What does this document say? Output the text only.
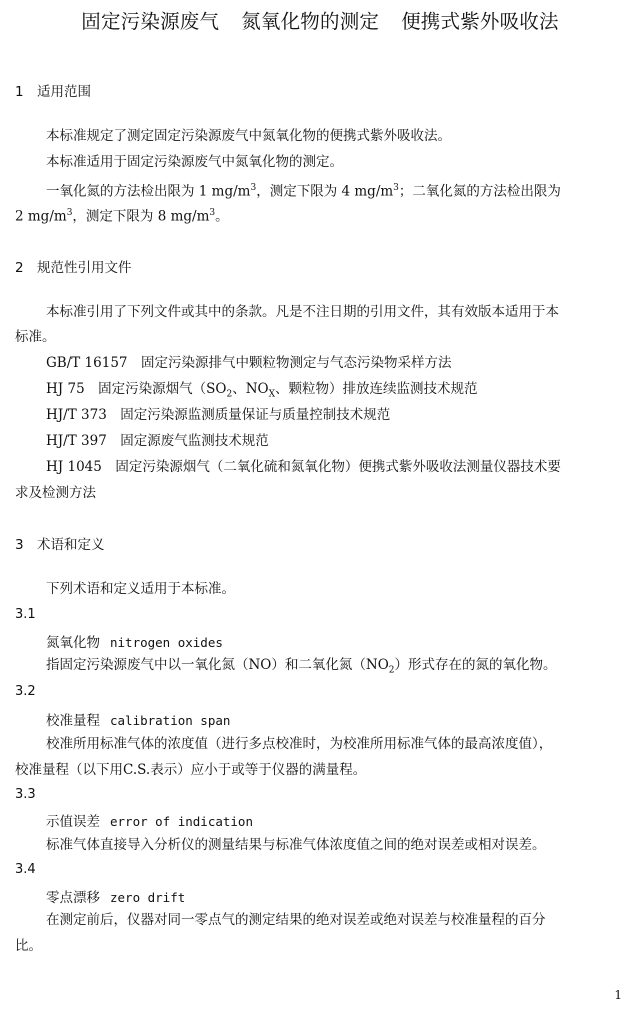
固定污染源废气 氮氧化物的测定 便携式紫外吸收法
1 适用范围
本标准规定了测定固定污染源废气中氮氧化物的便携式紫外吸收法。
本标准适用于固定污染源废气中氮氧化物的测定。
一氧化氮的方法检出限为 1 $mg/m^3$，测定下限为 4 $mg/m^3$；二氧化氮的方法检出限为
2 $mg/m^3$，测定下限为 8 $mg/m^3$。
2 规范性引用文件
本标准引用了下列文件或其中的条款。凡是不注日期的引用文件，其有效版本适用于本
标准。
GB/T 16157　固定污染源排气中颗粒物测定与气态污染物采样方法
HJ 75　固定污染源烟气（$SO_2$、$NO_X$、颗粒物）排放连续监测技术规范
HJ/T 373　固定污染源监测质量保证与质量控制技术规范
HJ/T 397　固定源废气监测技术规范
HJ 1045　固定污染源烟气（二氧化硫和氮氧化物）便携式紫外吸收法测量仪器技术要
求及检测方法
3 术语和定义
下列术语和定义适用于本标准。
3.1
氮氧化物 nitrogen oxides
指固定污染源废气中以一氧化氮（NO）和二氧化氮$(NO_2)$形式存在的氮的氧化物。
3.2
校准量程 calibration span
校准所用标准气体的浓度值（进行多点校准时，为校准所用标准气体的最高浓度值），
校准量程（以下用C.S.表示）应小于或等于仪器的满量程。
3.3
示值误差 error of indication
标准气体直接导入分析仪的测量结果与标准气体浓度值之间的绝对误差或相对误差。
3.4
零点漂移 zero drift
在测定前后，仪器对同一零点气的测定结果的绝对误差或绝对误差与校准量程的百分
比。
1
